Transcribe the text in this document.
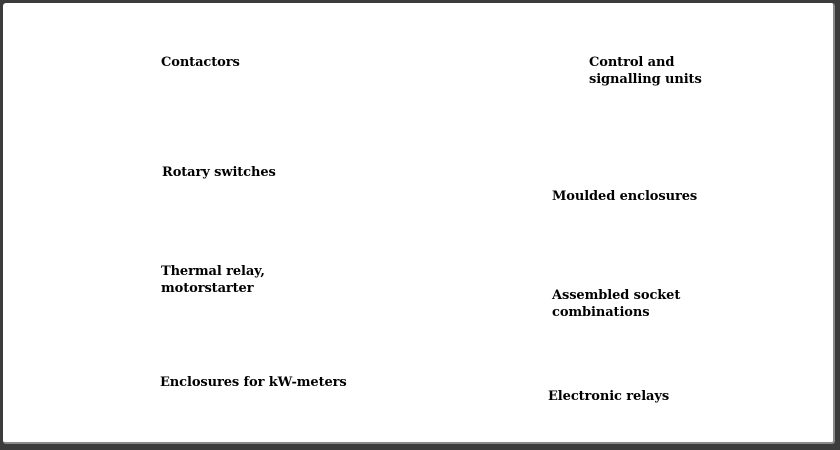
Contactors	Control and
signalling units
Rotary switches
Moulded enclosures
Thermal relay,
motorstarter	Assembled socket
combinations
Enclosures for kW-meters
Electronic relays
